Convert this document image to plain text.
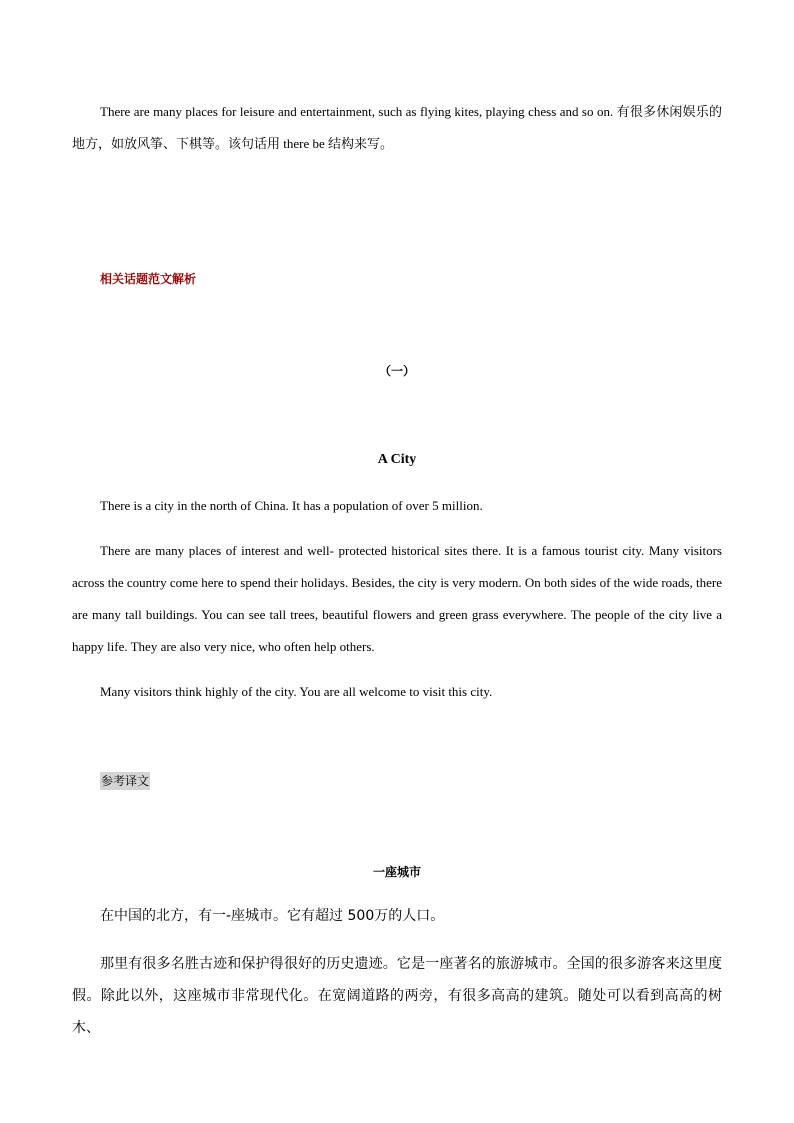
There are many places for leisure and entertainment, such as flying kites, playing chess and so on. 有很多休闲娱乐的地方，如放风筝、下棋等。该句话用 there be 结构来写。

相关话题范文解析

（一）

A City

There is a city in the north of China. It has a population of over 5 million.

There are many places of interest and well- protected historical sites there. It is a famous tourist city. Many visitors across the country come here to spend their holidays. Besides, the city is very modern. On both sides of the wide roads, there are many tall buildings. You can see tall trees, beautiful flowers and green grass everywhere. The people of the city live a happy life. They are also very nice, who often help others.

Many visitors think highly of the city. You are all welcome to visit this city.

参考译文

一座城市

在中国的北方，有一-座城市。它有超过 500万的人口。

那里有很多名胜古迹和保护得很好的历史遗迹。它是一座著名的旅游城市。全国的很多游客来这里度假。除此以外，这座城市非常现代化。在宽阔道路的两旁，有很多高高的建筑。随处可以看到高高的树木、
